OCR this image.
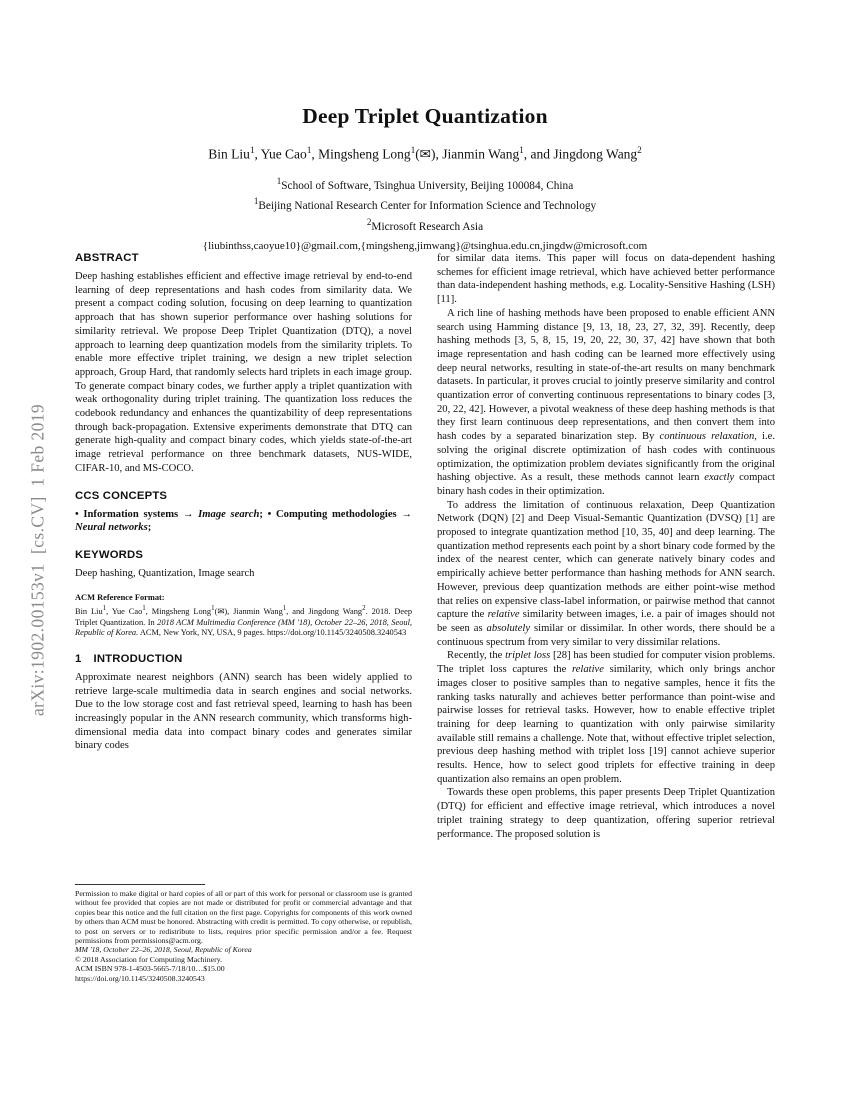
arXiv:1902.00153v1  [cs.CV]  1 Feb 2019
Deep Triplet Quantization
Bin Liu$^1$, Yue Cao$^1$, Mingsheng Long$^1$(✉), Jianmin Wang$^1$, and Jingdong Wang$^2$
$^1$School of Software, Tsinghua University, Beijing 100084, China
$^1$Beijing National Research Center for Information Science and Technology
$^2$Microsoft Research Asia
{liubinthss,caoyue10}@gmail.com,{mingsheng,jimwang}@tsinghua.edu.cn,jingdw@microsoft.com
ABSTRACT

Deep hashing establishes efficient and effective image retrieval by end-to-end learning of deep representations and hash codes from similarity data. We present a compact coding solution, focusing on deep learning to quantization approach that has shown superior performance over hashing solutions for similarity retrieval. We propose Deep Triplet Quantization (DTQ), a novel approach to learning deep quantization models from the similarity triplets. To enable more effective triplet training, we design a new triplet selection approach, Group Hard, that randomly selects hard triplets in each image group. To generate compact binary codes, we further apply a triplet quantization with weak orthogonality during triplet training. The quantization loss reduces the codebook redundancy and enhances the quantizability of deep representations through back-propagation. Extensive experiments demonstrate that DTQ can generate high-quality and compact binary codes, which yields state-of-the-art image retrieval performance on three benchmark datasets, NUS-WIDE, CIFAR-10, and MS-COCO.

CCS CONCEPTS

• Information systems → Image search; • Computing methodologies → Neural networks;

KEYWORDS

Deep hashing, Quantization, Image search

ACM Reference Format:

Bin Liu$^1$, Yue Cao$^1$, Mingsheng Long$^1$(✉), Jianmin Wang$^1$, and Jingdong Wang$^2$. 2018. Deep Triplet Quantization. In 2018 ACM Multimedia Conference (MM '18), October 22–26, 2018, Seoul, Republic of Korea. ACM, New York, NY, USA, 9 pages. https://doi.org/10.1145/3240508.3240543

1 INTRODUCTION

Approximate nearest neighbors (ANN) search has been widely applied to retrieve large-scale multimedia data in search engines and social networks. Due to the low storage cost and fast retrieval speed, learning to hash has been increasingly popular in the ANN research community, which transforms high-dimensional media data into compact binary codes and generates similar binary codes

for similar data items. This paper will focus on data-dependent hashing schemes for efficient image retrieval, which have achieved better performance than data-independent hashing methods, e.g. Locality-Sensitive Hashing (LSH) [11].

A rich line of hashing methods have been proposed to enable efficient ANN search using Hamming distance [9, 13, 18, 23, 27, 32, 39]. Recently, deep hashing methods [3, 5, 8, 15, 19, 20, 22, 30, 37, 42] have shown that both image representation and hash coding can be learned more effectively using deep neural networks, resulting in state-of-the-art results on many benchmark datasets. In particular, it proves crucial to jointly preserve similarity and control quantization error of converting continuous representations to binary codes [3, 20, 22, 42]. However, a pivotal weakness of these deep hashing methods is that they first learn continuous deep representations, and then convert them into hash codes by a separated binarization step. By continuous relaxation, i.e. solving the original discrete optimization of hash codes with continuous optimization, the optimization problem deviates significantly from the original hashing objective. As a result, these methods cannot learn exactly compact binary hash codes in their optimization.

To address the limitation of continuous relaxation, Deep Quantization Network (DQN) [2] and Deep Visual-Semantic Quantization (DVSQ) [1] are proposed to integrate quantization method [10, 35, 40] and deep learning. The quantization method represents each point by a short binary code formed by the index of the nearest center, which can generate natively binary codes and empirically achieve better performance than hashing methods for ANN search. However, previous deep quantization methods are either point-wise method that relies on expensive class-label information, or pairwise method that cannot capture the relative similarity between images, i.e. a pair of images should not be seen as absolutely similar or dissimilar. In other words, there should be a continuous spectrum from very similar to very dissimilar relations.

Recently, the triplet loss [28] has been studied for computer vision problems. The triplet loss captures the relative similarity, which only brings anchor images closer to positive samples than to negative samples, hence it fits the ranking tasks naturally and achieves better performance than point-wise and pairwise losses for retrieval tasks. However, how to enable effective triplet training for deep learning to quantization with only pairwise similarity available still remains a challenge. Note that, without effective triplet selection, previous deep hashing method with triplet loss [19] cannot achieve superior results. Hence, how to select good triplets for effective training in deep quantization also remains an open problem.

Towards these open problems, this paper presents Deep Triplet Quantization (DTQ) for efficient and effective image retrieval, which introduces a novel triplet training strategy to deep quantization, offering superior retrieval performance. The proposed solution is

Permission to make digital or hard copies of all or part of this work for personal or classroom use is granted without fee provided that copies are not made or distributed for profit or commercial advantage and that copies bear this notice and the full citation on the first page. Copyrights for components of this work owned by others than ACM must be honored. Abstracting with credit is permitted. To copy otherwise, or republish, to post on servers or to redistribute to lists, requires prior specific permission and/or a fee. Request permissions from permissions@acm.org.

MM '18, October 22–26, 2018, Seoul, Republic of Korea

© 2018 Association for Computing Machinery.

ACM ISBN 978-1-4503-5665-7/18/10…$15.00

https://doi.org/10.1145/3240508.3240543
